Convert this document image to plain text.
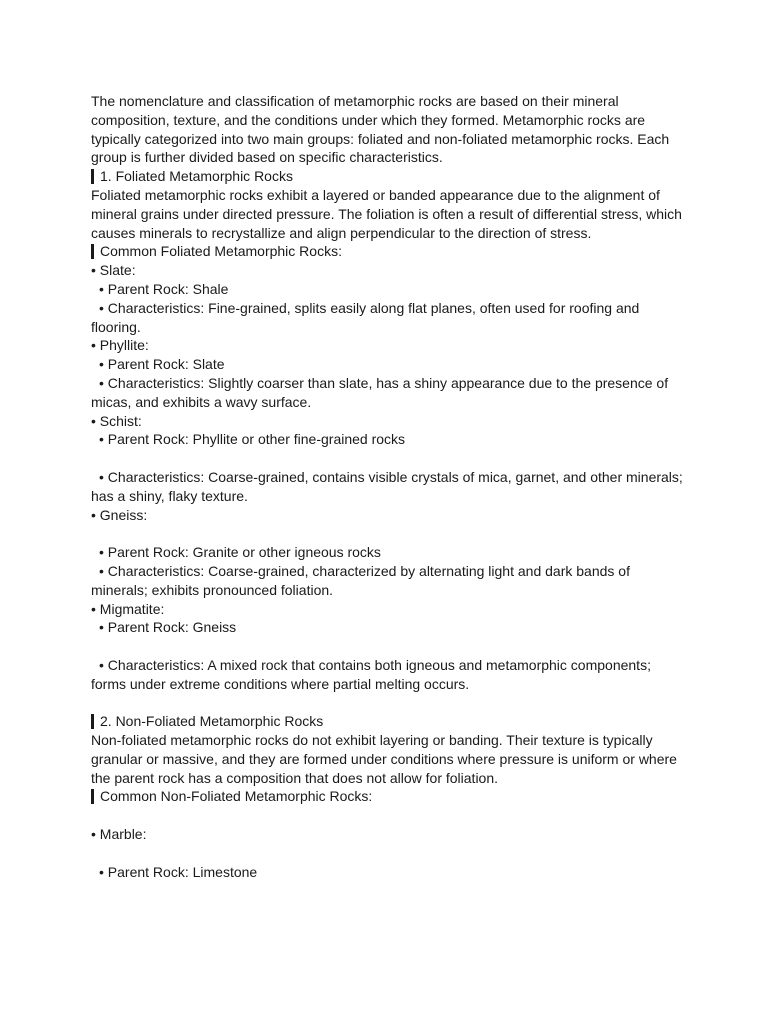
The nomenclature and classification of metamorphic rocks are based on their mineral composition, texture, and the conditions under which they formed. Metamorphic rocks are typically categorized into two main groups: foliated and non-foliated metamorphic rocks. Each group is further divided based on specific characteristics.

1. Foliated Metamorphic Rocks

Foliated metamorphic rocks exhibit a layered or banded appearance due to the alignment of mineral grains under directed pressure. The foliation is often a result of differential stress, which causes minerals to recrystallize and align perpendicular to the direction of stress.

Common Foliated Metamorphic Rocks:

• Slate:

• Parent Rock: Shale

• Characteristics: Fine-grained, splits easily along flat planes, often used for roofing and flooring.

• Phyllite:

• Parent Rock: Slate

• Characteristics: Slightly coarser than slate, has a shiny appearance due to the presence of micas, and exhibits a wavy surface.

• Schist:

• Parent Rock: Phyllite or other fine-grained rocks

• Characteristics: Coarse-grained, contains visible crystals of mica, garnet, and other minerals; has a shiny, flaky texture.

• Gneiss:

• Parent Rock: Granite or other igneous rocks

• Characteristics: Coarse-grained, characterized by alternating light and dark bands of minerals; exhibits pronounced foliation.

• Migmatite:

• Parent Rock: Gneiss

• Characteristics: A mixed rock that contains both igneous and metamorphic components; forms under extreme conditions where partial melting occurs.

2. Non-Foliated Metamorphic Rocks

Non-foliated metamorphic rocks do not exhibit layering or banding. Their texture is typically granular or massive, and they are formed under conditions where pressure is uniform or where the parent rock has a composition that does not allow for foliation.

Common Non-Foliated Metamorphic Rocks:

• Marble:

• Parent Rock: Limestone
